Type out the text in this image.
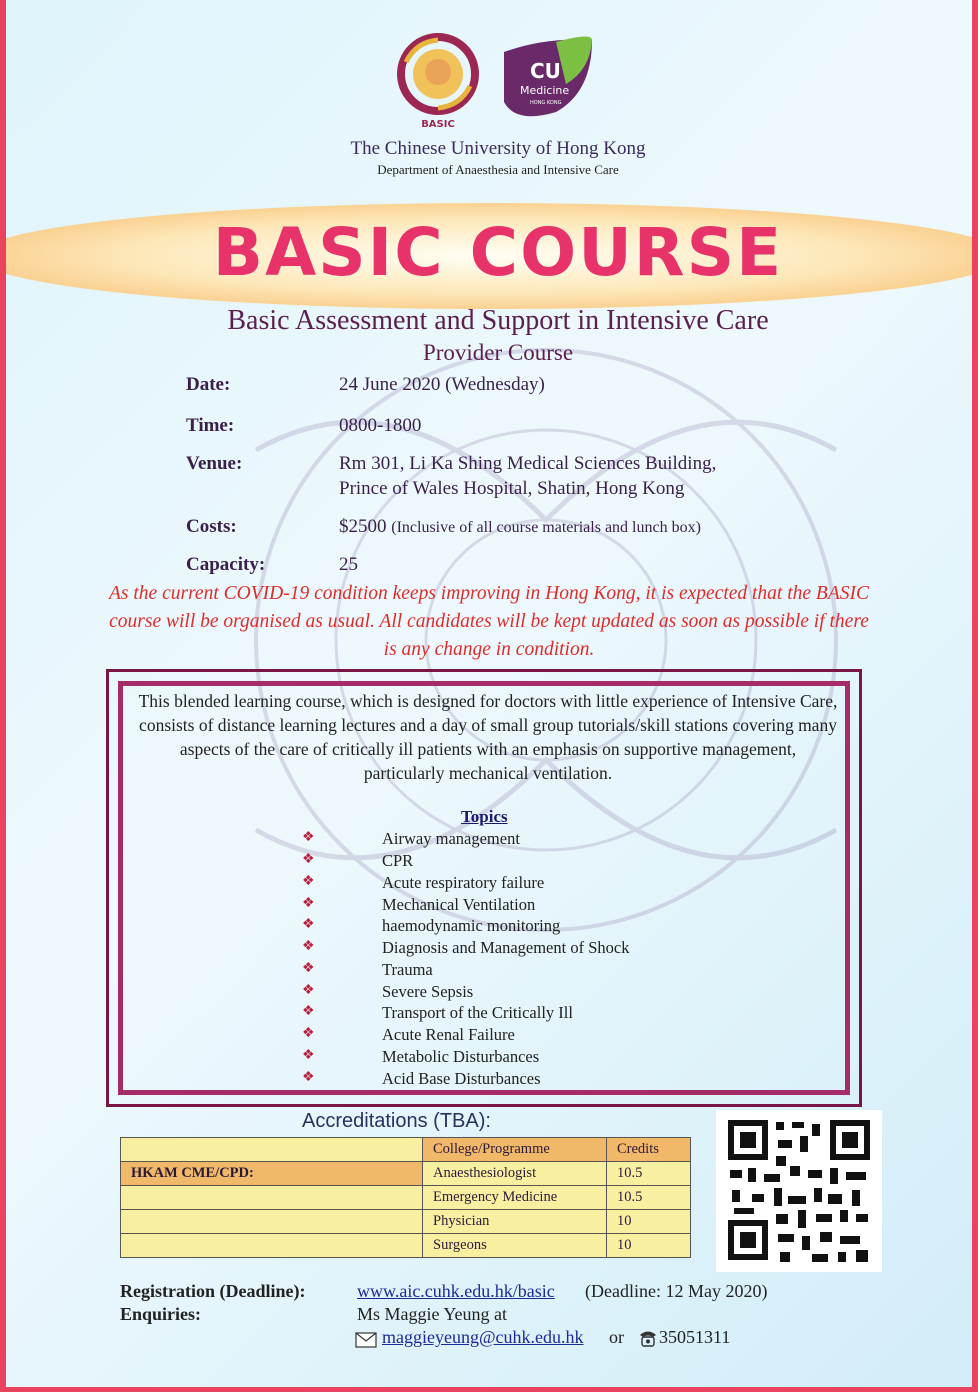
BASIC
CU
Medicine
HONG KONG
The Chinese University of Hong Kong
Department of Anaesthesia and Intensive Care
BASIC COURSE
Basic Assessment and Support in Intensive Care
Provider Course
Date:	24 June 2020 (Wednesday)
Time:	0800-1800
Venue:	Rm 301, Li Ka Shing Medical Sciences Building,
Prince of Wales Hospital, Shatin, Hong Kong
Costs:	$2500 (Inclusive of all course materials and lunch box)
Capacity:	25
As the current COVID-19 condition keeps improving in Hong Kong, it is expected that the BASIC course will be organised as usual. All candidates will be kept updated as soon as possible if there is any change in condition.
This blended learning course, which is designed for doctors with little experience of Intensive Care, consists of distance learning lectures and a day of small group tutorials/skill stations covering many aspects of the care of critically ill patients with an emphasis on supportive management, particularly mechanical ventilation.
Topics
❖	Airway management
❖	CPR
❖	Acute respiratory failure
❖	Mechanical Ventilation
❖	haemodynamic monitoring
❖	Diagnosis and Management of Shock
❖	Trauma
❖	Severe Sepsis
❖	Transport of the Critically Ill
❖	Acute Renal Failure
❖	Metabolic Disturbances
❖	Acid Base Disturbances
Accreditations (TBA):
	College/Programme	Credits
HKAM CME/CPD:	Anaesthesiologist	10.5
	Emergency Medicine	10.5
	Physician	10
	Surgeons	10
Registration (Deadline):	www.aic.cuhk.edu.hk/basic (Deadline: 12 May 2020)
Enquiries:	Ms Maggie Yeung at
maggieyeung@cuhk.edu.hk or 35051311
